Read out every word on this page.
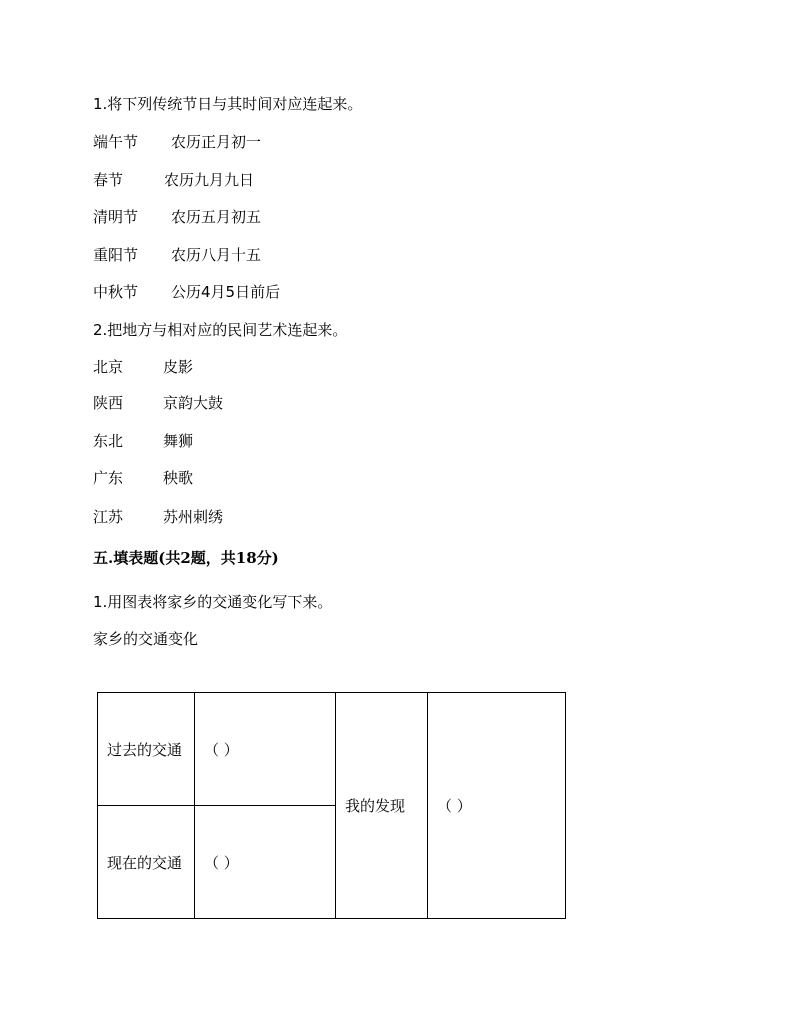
1.将下列传统节日与其时间对应连起来。
端午节 农历正月初一
春节	农历九月九日
清明节 农历五月初五
重阳节 农历八月十五
中秋节 公历4月5日前后
2.把地方与相对应的民间艺术连起来。
北京	皮影
陕西	京韵大鼓
东北	舞狮
广东	秧歌
江苏	苏州刺绣
五.填表题(共2题，共18分)
1.用图表将家乡的交通变化写下来。
家乡的交通变化
过去的交通	（ ）	我的发现	（ ）
现在的交通	（ ）		
